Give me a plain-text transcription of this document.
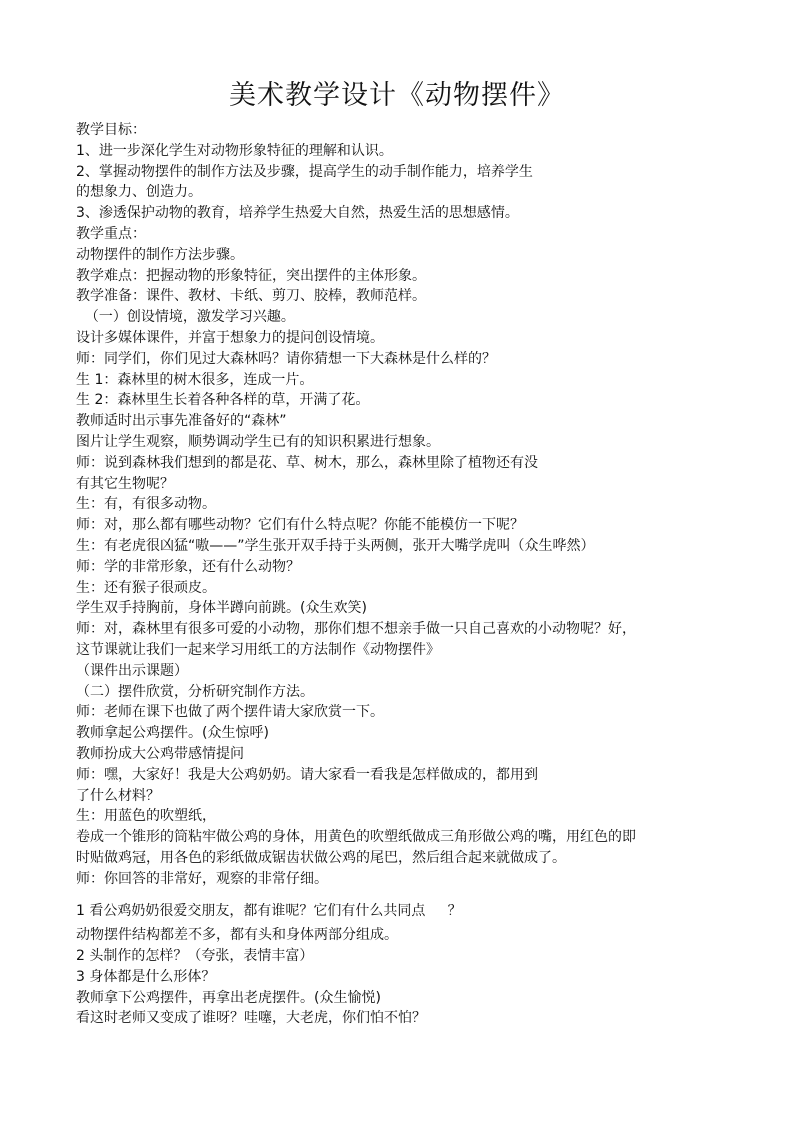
美术教学设计《动物摆件》
教学目标：
1、进一步深化学生对动物形象特征的理解和认识。
2、掌握动物摆件的制作方法及步骤，提高学生的动手制作能力，培养学生
的想象力、创造力。
3、渗透保护动物的教育，培养学生热爱大自然，热爱生活的思想感情。
教学重点：
动物摆件的制作方法步骤。
教学难点：把握动物的形象特征，突出摆件的主体形象。
教学准备：课件、教材、卡纸、剪刀、胶棒，教师范样。
（一）创设情境，激发学习兴趣。
设计多媒体课件，并富于想象力的提问创设情境。
师：同学们，你们见过大森林吗？请你猜想一下大森林是什么样的？
生 1：森林里的树木很多，连成一片。
生 2：森林里生长着各种各样的草，开满了花。
教师适时出示事先准备好的“森林”
图片让学生观察，顺势调动学生已有的知识积累进行想象。
师：说到森林我们想到的都是花、草、树木，那么，森林里除了植物还有没
有其它生物呢？
生：有，有很多动物。
师：对，那么都有哪些动物？它们有什么特点呢？你能不能模仿一下呢？
生：有老虎很凶猛“嗷——”学生张开双手持于头两侧，张开大嘴学虎叫（众生哗然）
师：学的非常形象，还有什么动物？
生：还有猴子很顽皮。
学生双手持胸前，身体半蹲向前跳。(众生欢笑)
师：对，森林里有很多可爱的小动物，那你们想不想亲手做一只自己喜欢的小动物呢？好，
这节课就让我们一起来学习用纸工的方法制作《动物摆件》
（课件出示课题）
（二）摆件欣赏，分析研究制作方法。
师：老师在课下也做了两个摆件请大家欣赏一下。
教师拿起公鸡摆件。(众生惊呼)
教师扮成大公鸡带感情提问
师：嘿，大家好！我是大公鸡奶奶。请大家看一看我是怎样做成的，都用到
了什么材料？
生：用蓝色的吹塑纸，
卷成一个锥形的筒粘牢做公鸡的身体，用黄色的吹塑纸做成三角形做公鸡的嘴，用红色的即
时贴做鸡冠，用各色的彩纸做成锯齿状做公鸡的尾巴，然后组合起来就做成了。
师：你回答的非常好，观察的非常仔细。
1 看公鸡奶奶很爱交朋友，都有谁呢？它们有什么共同点     ？
动物摆件结构都差不多，都有头和身体两部分组成。
2 头制作的怎样？（夸张，表情丰富）
3 身体都是什么形体？
教师拿下公鸡摆件，再拿出老虎摆件。(众生愉悦)
看这时老师又变成了谁呀？哇噻，大老虎，你们怕不怕？
